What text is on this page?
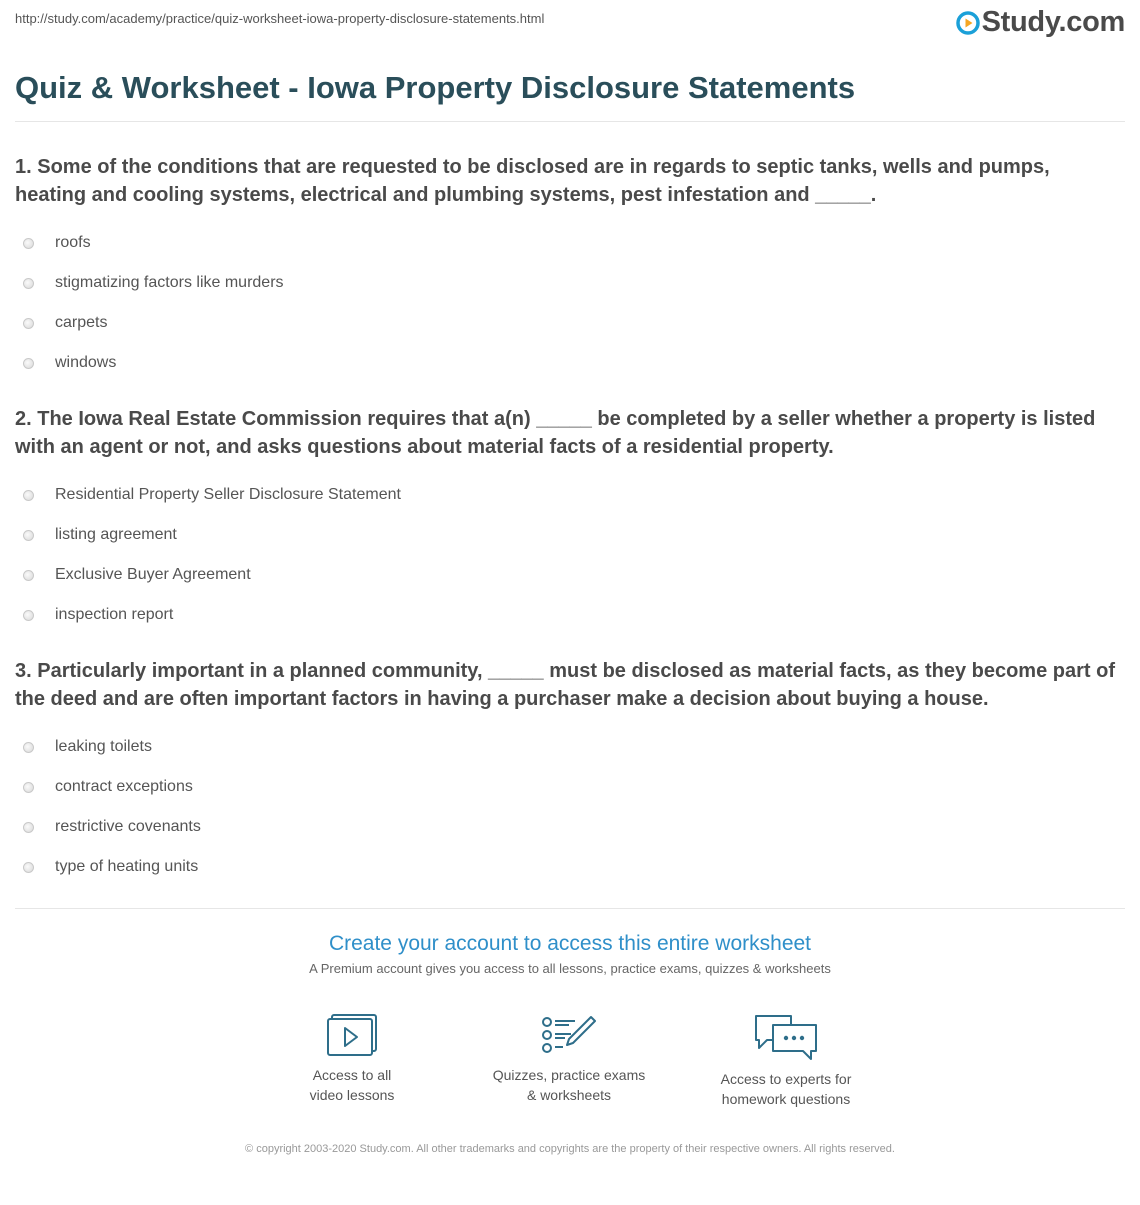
http://study.com/academy/practice/quiz-worksheet-iowa-property-disclosure-statements.html	Study.com
Quiz & Worksheet - Iowa Property Disclosure Statements

1. Some of the conditions that are requested to be disclosed are in regards to septic tanks, wells and pumps, heating and cooling systems, electrical and plumbing systems, pest infestation and _____.

roofs
stigmatizing factors like murders
carpets
windows

2. The Iowa Real Estate Commission requires that a(n) _____ be completed by a seller whether a property is listed with an agent or not, and asks questions about material facts of a residential property.

Residential Property Seller Disclosure Statement
listing agreement
Exclusive Buyer Agreement
inspection report

3. Particularly important in a planned community, _____ must be disclosed as material facts, as they become part of the deed and are often important factors in having a purchaser make a decision about buying a house.

leaking toilets
contract exceptions
restrictive covenants
type of heating units

Create your account to access this entire worksheet

A Premium account gives you access to all lessons, practice exams, quizzes & worksheets
Access to all
video lessons
Quizzes, practice exams
& worksheets
Access to experts for
homework questions
© copyright 2003-2020 Study.com. All other trademarks and copyrights are the property of their respective owners. All rights reserved.
